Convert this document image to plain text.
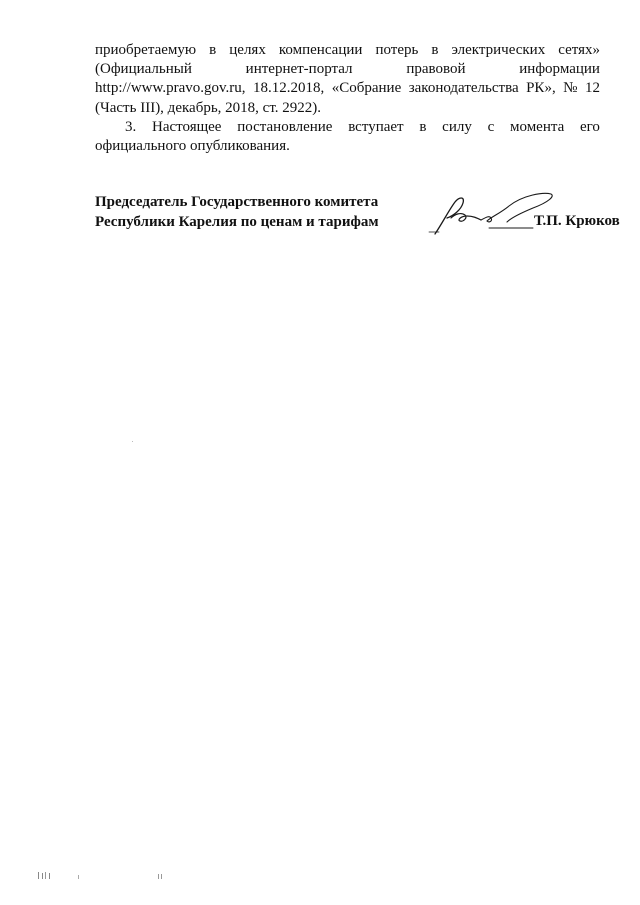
приобретаемую в целях компенсации потерь в электрических сетях»
(Официальный	интернет-портал	правовой	информации
http://www.pravo.gov.ru, 18.12.2018, «Собрание законодательства РК», № 12
(Часть III), декабрь, 2018, ст. 2922).
3. Настоящее постановление вступает в силу с момента его
официального опубликования.
Председатель Государственного комитета
Республики Карелия по ценам и тарифам	Т.П. Крюков
